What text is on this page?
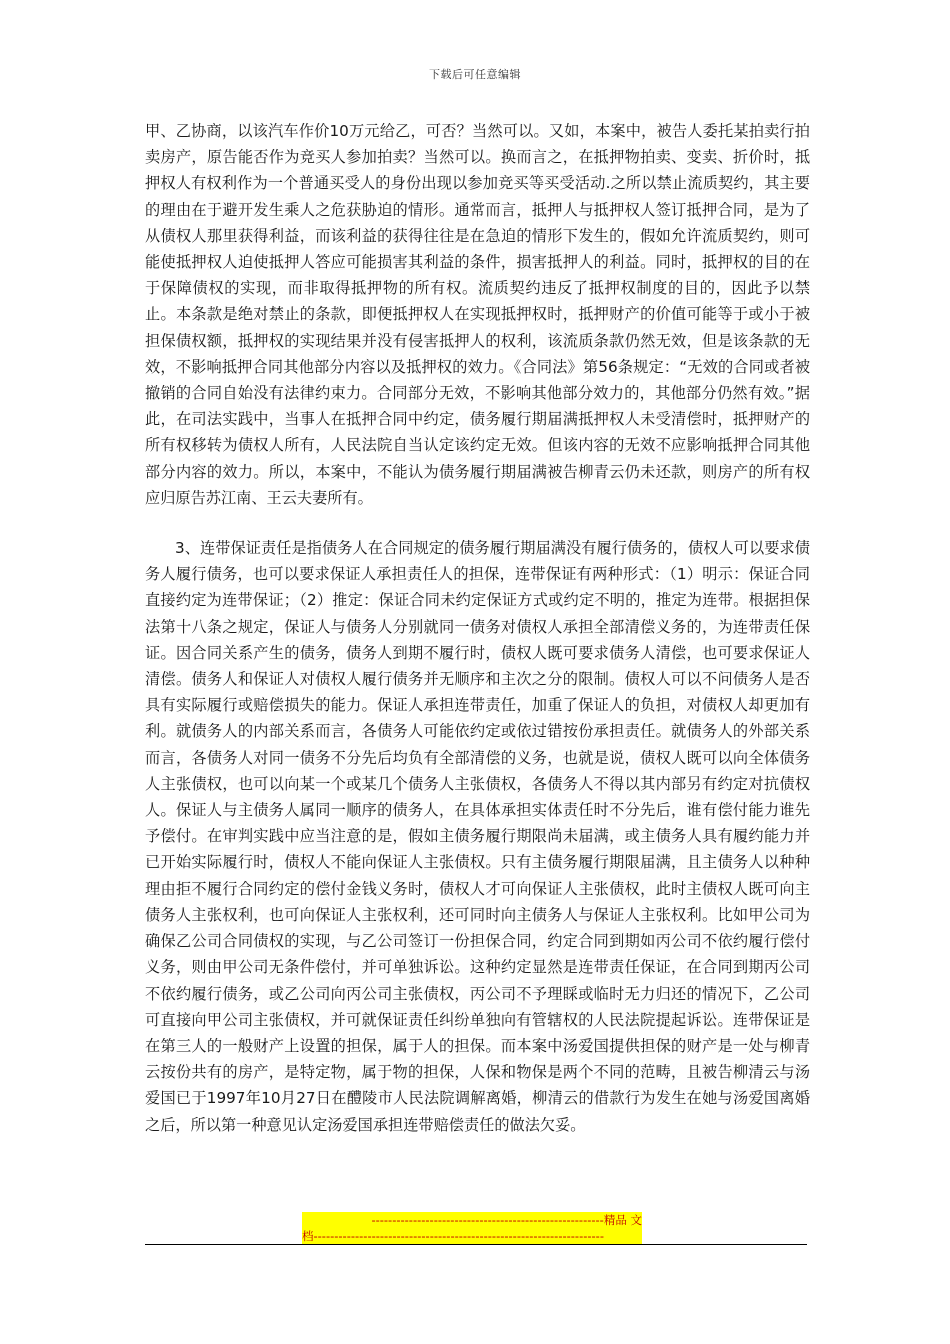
下载后可任意编辑

甲、乙协商，以该汽车作价10万元给乙，可否？当然可以。又如，本案中，被告人委托某拍卖行拍卖房产，原告能否作为竞买人参加拍卖？当然可以。换而言之，在抵押物拍卖、变卖、折价时，抵押权人有权利作为一个普通买受人的身份出现以参加竞买等买受活动.之所以禁止流质契约，其主要的理由在于避开发生乘人之危获胁迫的情形。通常而言，抵押人与抵押权人签订抵押合同，是为了从债权人那里获得利益，而该利益的获得往往是在急迫的情形下发生的，假如允许流质契约，则可能使抵押权人迫使抵押人答应可能损害其利益的条件，损害抵押人的利益。同时，抵押权的目的在于保障债权的实现，而非取得抵押物的所有权。流质契约违反了抵押权制度的目的，因此予以禁止。本条款是绝对禁止的条款，即便抵押权人在实现抵押权时，抵押财产的价值可能等于或小于被担保债权额，抵押权的实现结果并没有侵害抵押人的权利，该流质条款仍然无效，但是该条款的无效，不影响抵押合同其他部分内容以及抵押权的效力。《合同法》第56条规定：“无效的合同或者被撤销的合同自始没有法律约束力。合同部分无效，不影响其他部分效力的，其他部分仍然有效。”据此，在司法实践中，当事人在抵押合同中约定，债务履行期届满抵押权人未受清偿时，抵押财产的所有权移转为债权人所有，人民法院自当认定该约定无效。但该内容的无效不应影响抵押合同其他部分内容的效力。所以，本案中，不能认为债务履行期届满被告柳青云仍未还款，则房产的所有权应归原告苏江南、王云夫妻所有。

3、连带保证责任是指债务人在合同规定的债务履行期届满没有履行债务的，债权人可以要求债务人履行债务，也可以要求保证人承担责任人的担保，连带保证有两种形式：（1）明示：保证合同直接约定为连带保证；（2）推定：保证合同未约定保证方式或约定不明的，推定为连带。根据担保法第十八条之规定，保证人与债务人分别就同一债务对债权人承担全部清偿义务的，为连带责任保证。因合同关系产生的债务，债务人到期不履行时，债权人既可要求债务人清偿，也可要求保证人清偿。债务人和保证人对债权人履行债务并无顺序和主次之分的限制。债权人可以不问债务人是否具有实际履行或赔偿损失的能力。保证人承担连带责任，加重了保证人的负担，对债权人却更加有利。就债务人的内部关系而言，各债务人可能依约定或依过错按份承担责任。就债务人的外部关系而言，各债务人对同一债务不分先后均负有全部清偿的义务，也就是说，债权人既可以向全体债务人主张债权，也可以向某一个或某几个债务人主张债权，各债务人不得以其内部另有约定对抗债权人。保证人与主债务人属同一顺序的债务人，在具体承担实体责任时不分先后，谁有偿付能力谁先予偿付。在审判实践中应当注意的是，假如主债务履行期限尚未届满，或主债务人具有履约能力并已开始实际履行时，债权人不能向保证人主张债权。只有主债务履行期限届满，且主债务人以种种理由拒不履行合同约定的偿付金钱义务时，债权人才可向保证人主张债权，此时主债权人既可向主债务人主张权利，也可向保证人主张权利，还可同时向主债务人与保证人主张权利。比如甲公司为确保乙公司合同债权的实现，与乙公司签订一份担保合同，约定合同到期如丙公司不依约履行偿付义务，则由甲公司无条件偿付，并可单独诉讼。这种约定显然是连带责任保证，在合同到期丙公司不依约履行债务，或乙公司向丙公司主张债权，丙公司不予理睬或临时无力归还的情况下，乙公司可直接向甲公司主张债权，并可就保证责任纠纷单独向有管辖权的人民法院提起诉讼。连带保证是在第三人的一般财产上设置的担保，属于人的担保。而本案中汤爱国提供担保的财产是一处与柳青云按份共有的房产，是特定物，属于物的担保，人保和物保是两个不同的范畴，且被告柳清云与汤爱国已于1997年10月27日在醴陵市人民法院调解离婚，柳清云的借款行为发生在她与汤爱国离婚之后，所以第一种意见认定汤爱国承担连带赔偿责任的做法欠妥。

--------------------------------------------------------精品 文
档----------------------------------------------------------------------
